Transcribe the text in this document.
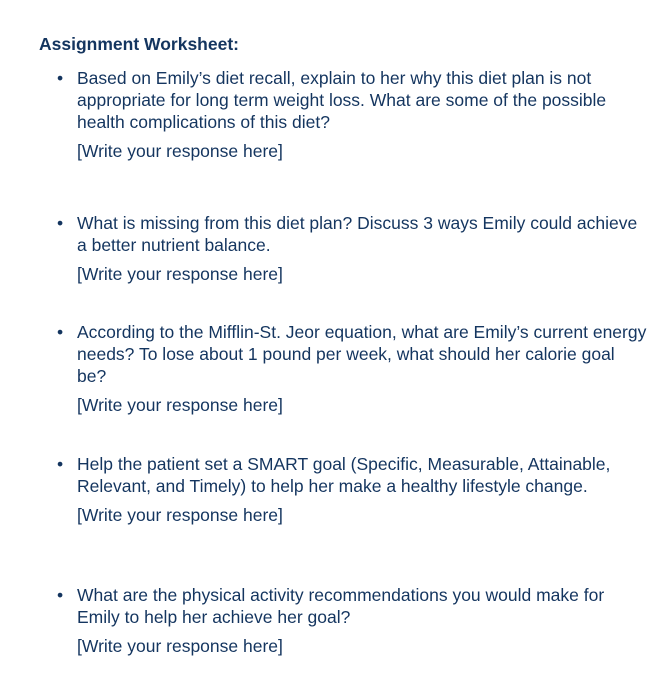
Assignment Worksheet:
• Based on Emily’s diet recall, explain to her why this diet plan is not appropriate for long term weight loss. What are some of the possible health complications of this diet?
[Write your response here]
• What is missing from this diet plan? Discuss 3 ways Emily could achieve a better nutrient balance.
[Write your response here]
• According to the Mifflin-St. Jeor equation, what are Emily’s current energy needs? To lose about 1 pound per week, what should her calorie goal be?
[Write your response here]
• Help the patient set a SMART goal (Specific, Measurable, Attainable, Relevant, and Timely) to help her make a healthy lifestyle change.
[Write your response here]
• What are the physical activity recommendations you would make for Emily to help her achieve her goal?
[Write your response here]
